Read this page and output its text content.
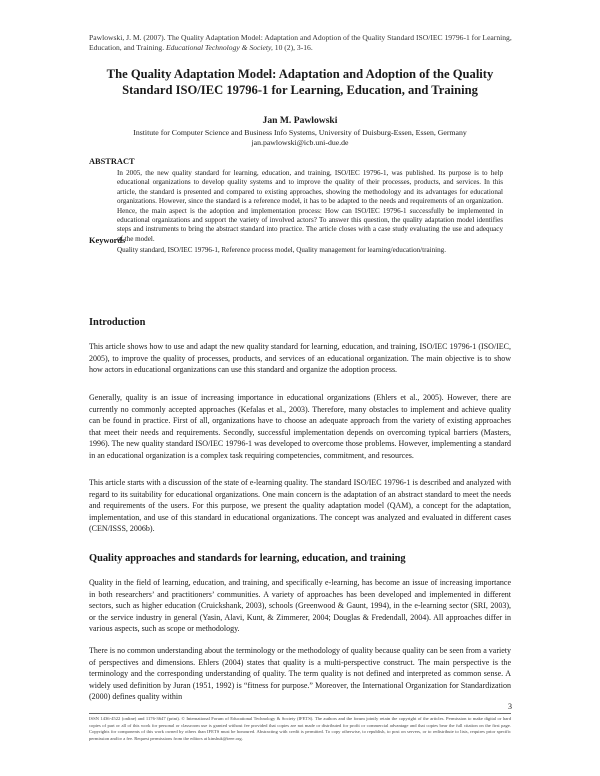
Pawlowski, J. M. (2007). The Quality Adaptation Model: Adaptation and Adoption of the Quality Standard ISO/IEC 19796-1 for Learning, Education, and Training. Educational Technology & Society, 10 (2), 3-16.
The Quality Adaptation Model: Adaptation and Adoption of the Quality Standard ISO/IEC 19796-1 for Learning, Education, and Training
Jan M. Pawlowski
Institute for Computer Science and Business Info Systems, University of Duisburg-Essen, Essen, Germany
jan.pawlowski@icb.uni-due.de
ABSTRACT
In 2005, the new quality standard for learning, education, and training, ISO/IEC 19796-1, was published. Its purpose is to help educational organizations to develop quality systems and to improve the quality of their processes, products, and services. In this article, the standard is presented and compared to existing approaches, showing the methodology and its advantages for educational organizations. However, since the standard is a reference model, it has to be adapted to the needs and requirements of an organization. Hence, the main aspect is the adoption and implementation process: How can ISO/IEC 19796-1 successfully be implemented in educational organizations and support the variety of involved actors? To answer this question, the quality adaptation model identifies steps and instruments to bring the abstract standard into practice. The article closes with a case study evaluating the use and adequacy of the model.
Keywords
Quality standard, ISO/IEC 19796-1, Reference process model, Quality management for learning/education/training.
Introduction
This article shows how to use and adapt the new quality standard for learning, education, and training, ISO/IEC 19796-1 (ISO/IEC, 2005), to improve the quality of processes, products, and services of an educational organization. The main objective is to show how actors in educational organizations can use this standard and organize the adoption process.
Generally, quality is an issue of increasing importance in educational organizations (Ehlers et al., 2005). However, there are currently no commonly accepted approaches (Kefalas et al., 2003). Therefore, many obstacles to implement and achieve quality can be found in practice. First of all, organizations have to choose an adequate approach from the variety of existing approaches that meet their needs and requirements. Secondly, successful implementation depends on overcoming typical barriers (Masters, 1996). The new quality standard ISO/IEC 19796-1 was developed to overcome those problems. However, implementing a standard in an educational organization is a complex task requiring competencies, commitment, and resources.
This article starts with a discussion of the state of e-learning quality. The standard ISO/IEC 19796-1 is described and analyzed with regard to its suitability for educational organizations. One main concern is the adaptation of an abstract standard to meet the needs and requirements of the users. For this purpose, we present the quality adaptation model (QAM), a concept for the adaptation, implementation, and use of this standard in educational organizations. The concept was analyzed and evaluated in different cases (CEN/ISSS, 2006b).
Quality approaches and standards for learning, education, and training
Quality in the field of learning, education, and training, and specifically e-learning, has become an issue of increasing importance in both researchers’ and practitioners’ communities. A variety of approaches has been developed and implemented in different sectors, such as higher education (Cruickshank, 2003), schools (Greenwood & Gaunt, 1994), in the e-learning sector (SRI, 2003), or the service industry in general (Yasin, Alavi, Kunt, & Zimmerer, 2004; Douglas & Fredendall, 2004). All approaches differ in various aspects, such as scope or methodology.
There is no common understanding about the terminology or the methodology of quality because quality can be seen from a variety of perspectives and dimensions. Ehlers (2004) states that quality is a multi-perspective construct. The main perspective is the terminology and the corresponding understanding of quality. The term quality is not defined and interpreted as common sense. A widely used definition by Juran (1951, 1992) is “fitness for purpose.” Moreover, the International Organization for Standardization (2000) defines quality within
3
ISSN 1436-4522 (online) and 1176-3647 (print). © International Forum of Educational Technology & Society (IFETS). The authors and the forum jointly retain the copyright of the articles. Permission to make digital or hard copies of part or all of this work for personal or classroom use is granted without fee provided that copies are not made or distributed for profit or commercial advantage and that copies bear the full citation on the first page. Copyrights for components of this work owned by others than IFETS must be honoured. Abstracting with credit is permitted. To copy otherwise, to republish, to post on servers, or to redistribute to lists, requires prior specific permission and/or a fee. Request permissions from the editors at kinshuk@ieee.org.
